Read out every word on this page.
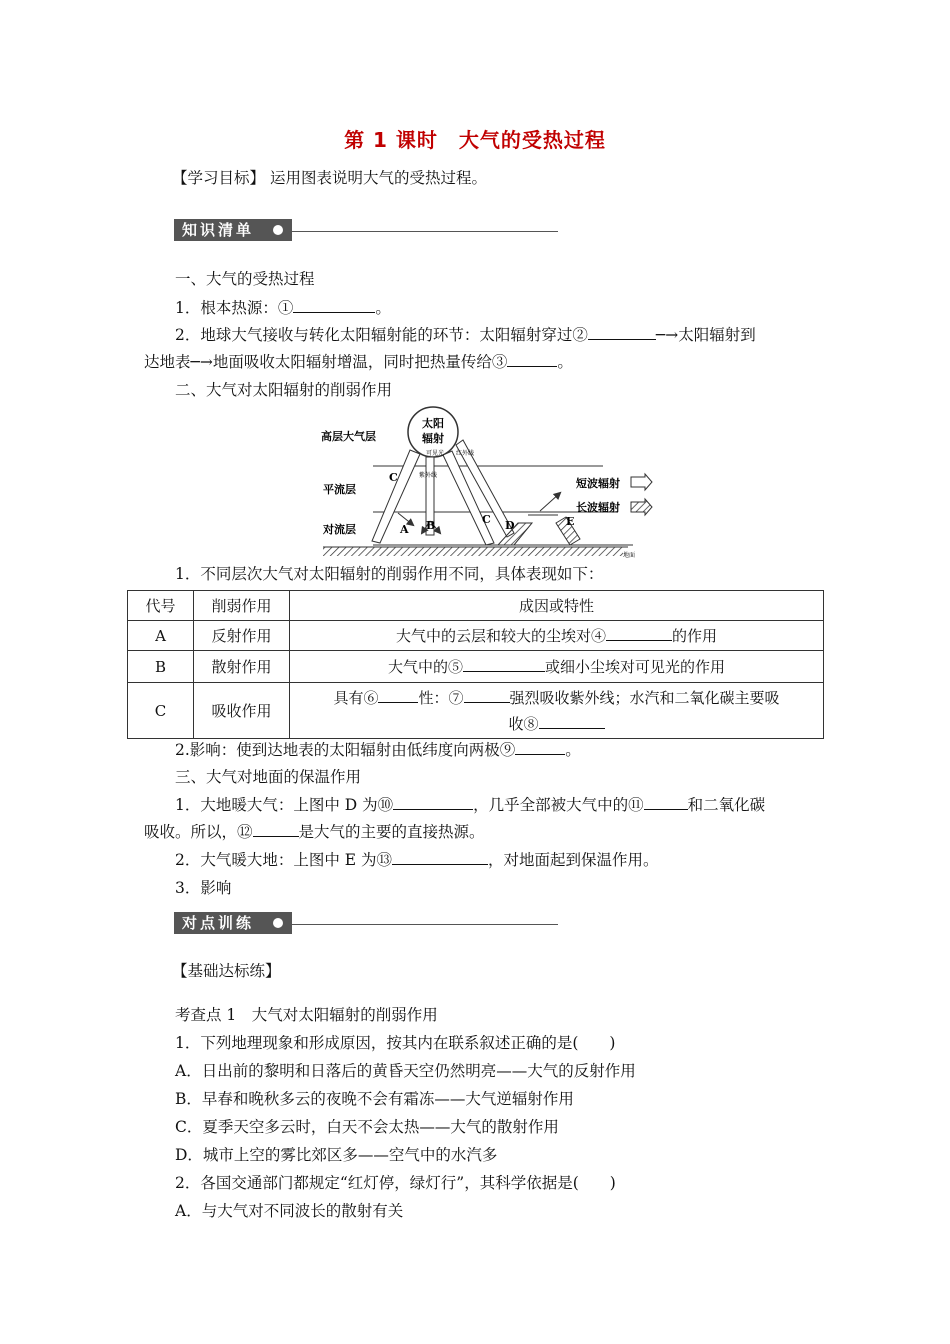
第 1 课时　大气的受热过程
【学习目标】 运用图表说明大气的受热过程。
知识清单
一、大气的受热过程
1．根本热源：①	。
2．地球大气接收与转化太阳辐射能的环节：太阳辐射穿过②	─→太阳辐射到
达地表─→地面吸收太阳辐射增温，同时把热量传给③	。
二、大气对太阳辐射的削弱作用
太阳
辐射
高层大气层
平流层
对流层
紫外线
可见光 红外线
A B
C
C D	E
短波辐射
长波辐射
地面
1．不同层次大气对太阳辐射的削弱作用不同，具体表现如下：
代号	削弱作用	成因或特性
A	反射作用	大气中的云层和较大的尘埃对④ 的作用
B	散射作用	大气中的⑤ 或细小尘埃对可见光的作用
C	吸收作用	具有⑥ 性：⑦ 强烈吸收紫外线；水汽和二氧化碳主要吸
收⑧
2.影响：使到达地表的太阳辐射由低纬度向两极⑨	。
三、大气对地面的保温作用
1．大地暖大气：上图中 D 为⑩	，几乎全部被大气中的⑪	和二氧化碳
吸收。所以，⑫	是大气的主要的直接热源。
2．大气暖大地：上图中 E 为⑬	，对地面起到保温作用。
3．影响
对点训练
【基础达标练】
考查点 1　大气对太阳辐射的削弱作用
1．下列地理现象和形成原因，按其内在联系叙述正确的是(　　)
A．日出前的黎明和日落后的黄昏天空仍然明亮——大气的反射作用
B．早春和晚秋多云的夜晚不会有霜冻——大气逆辐射作用
C．夏季天空多云时，白天不会太热——大气的散射作用
D．城市上空的雾比郊区多——空气中的水汽多
2．各国交通部门都规定“红灯停，绿灯行”，其科学依据是(　　)
A．与大气对不同波长的散射有关
